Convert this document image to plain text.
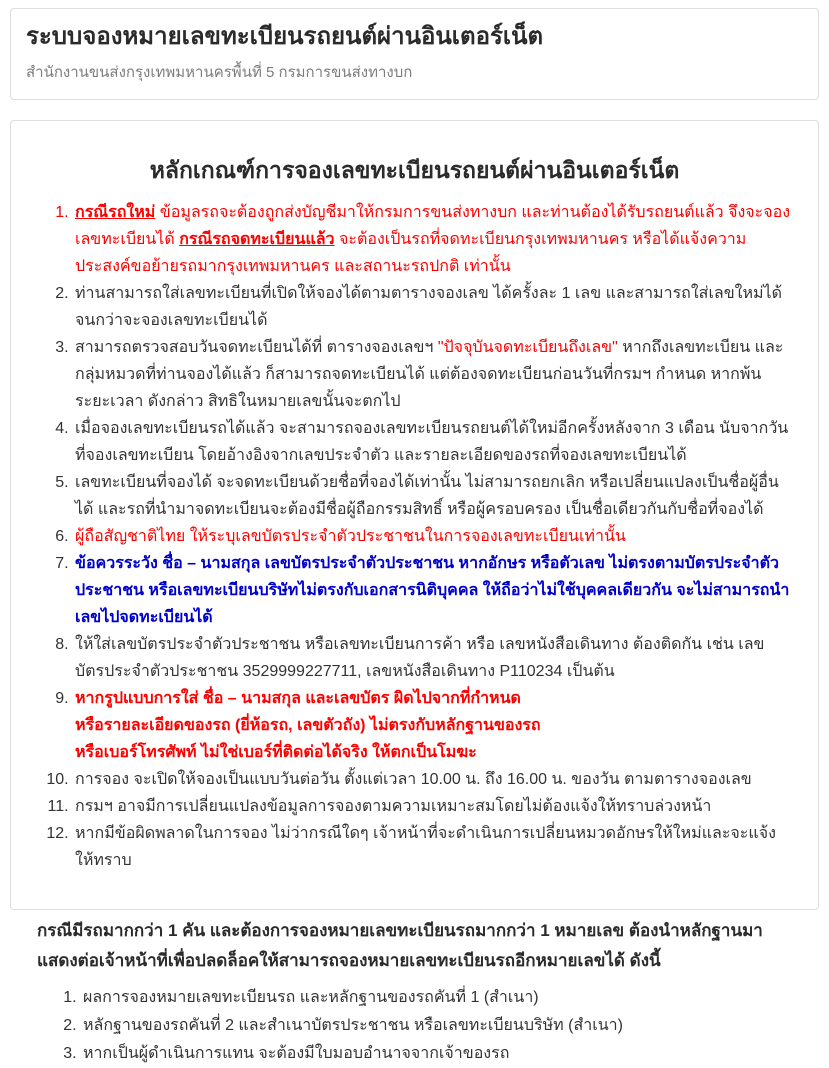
ระบบจองหมายเลขทะเบียนรถยนต์ผ่านอินเตอร์เน็ต
สำนักงานขนส่งกรุงเทพมหานครพื้นที่ 5 กรมการขนส่งทางบก
หลักเกณฑ์การจองเลขทะเบียนรถยนต์ผ่านอินเตอร์เน็ต
1. กรณีรถใหม่ ข้อมูลรถจะต้องถูกส่งบัญชีมาให้กรมการขนส่งทางบก และท่านต้องได้รับรถยนต์แล้ว จึงจะจองเลขทะเบียนได้ กรณีรถจดทะเบียนแล้ว จะต้องเป็นรถที่จดทะเบียนกรุงเทพมหานคร หรือได้แจ้งความประสงค์ขอย้ายรถมากรุงเทพมหานคร และสถานะรถปกติ เท่านั้น
2. ท่านสามารถใส่เลขทะเบียนที่เปิดให้จองได้ตามตารางจองเลข ได้ครั้งละ 1 เลข และสามารถใส่เลขใหม่ได้จนกว่าจะจองเลขทะเบียนได้
3. สามารถตรวจสอบวันจดทะเบียนได้ที่ ตารางจองเลขฯ "ปัจจุบันจดทะเบียนถึงเลข" หากถึงเลขทะเบียน และกลุ่มหมวดที่ท่านจองได้แล้ว ก็สามารถจดทะเบียนได้ แต่ต้องจดทะเบียนก่อนวันที่กรมฯ กำหนด หากพ้นระยะเวลา ดังกล่าว สิทธิในหมายเลขนั้นจะตกไป
4. เมื่อจองเลขทะเบียนรถได้แล้ว จะสามารถจองเลขทะเบียนรถยนต์ได้ใหม่อีกครั้งหลังจาก 3 เดือน นับจากวันที่จองเลขทะเบียน โดยอ้างอิงจากเลขประจำตัว และรายละเอียดของรถที่จองเลขทะเบียนได้
5. เลขทะเบียนที่จองได้ จะจดทะเบียนด้วยชื่อที่จองได้เท่านั้น ไม่สามารถยกเลิก หรือเปลี่ยนแปลงเป็นชื่อผู้อื่นได้ และรถที่นำมาจดทะเบียนจะต้องมีชื่อผู้ถือกรรมสิทธิ์ หรือผู้ครอบครอง เป็นชื่อเดียวกันกับชื่อที่จองได้
6. ผู้ถือสัญชาติไทย ให้ระบุเลขบัตรประจำตัวประชาชนในการจองเลขทะเบียนเท่านั้น
7. ข้อควรระวัง ชื่อ – นามสกุล เลขบัตรประจำตัวประชาชน หากอักษร หรือตัวเลข ไม่ตรงตามบัตรประจำตัวประชาชน หรือเลขทะเบียนบริษัทไม่ตรงกับเอกสารนิติบุคคล ให้ถือว่าไม่ใช้บุคคลเดียวกัน จะไม่สามารถนำเลขไปจดทะเบียนได้
8. ให้ใส่เลขบัตรประจำตัวประชาชน หรือเลขทะเบียนการค้า หรือ เลขหนังสือเดินทาง ต้องติดกัน เช่น เลขบัตรประจำตัวประชาชน 3529999227711, เลขหนังสือเดินทาง P110234 เป็นต้น
9. หากรูปแบบการใส่ ชื่อ – นามสกุล และเลขบัตร ผิดไปจากที่กำหนด
หรือรายละเอียดของรถ (ยี่ห้อรถ, เลขตัวถัง) ไม่ตรงกับหลักฐานของรถ
หรือเบอร์โทรศัพท์ ไม่ใช่เบอร์ที่ติดต่อได้จริง ให้ตกเป็นโมฆะ
10. การจอง จะเปิดให้จองเป็นแบบวันต่อวัน ตั้งแต่เวลา 10.00 น. ถึง 16.00 น. ของวัน ตามตารางจองเลข
11. กรมฯ อาจมีการเปลี่ยนแปลงข้อมูลการจองตามความเหมาะสมโดยไม่ต้องแจ้งให้ทราบล่วงหน้า
12. หากมีข้อผิดพลาดในการจอง ไม่ว่ากรณีใดๆ เจ้าหน้าที่จะดำเนินการเปลี่ยนหมวดอักษรให้ใหม่และจะแจ้งให้ทราบ
กรณีมีรถมากกว่า 1 คัน และต้องการจองหมายเลขทะเบียนรถมากกว่า 1 หมายเลข ต้องนำหลักฐานมาแสดงต่อเจ้าหน้าที่เพื่อปลดล็อคให้สามารถจองหมายเลขทะเบียนรถอีกหมายเลขได้ ดังนี้
1. ผลการจองหมายเลขทะเบียนรถ และหลักฐานของรถคันที่ 1 (สำเนา)
2. หลักฐานของรถคันที่ 2 และสำเนาบัตรประชาชน หรือเลขทะเบียนบริษัท (สำเนา)
3. หากเป็นผู้ดำเนินการแทน จะต้องมีใบมอบอำนาจจากเจ้าของรถ
